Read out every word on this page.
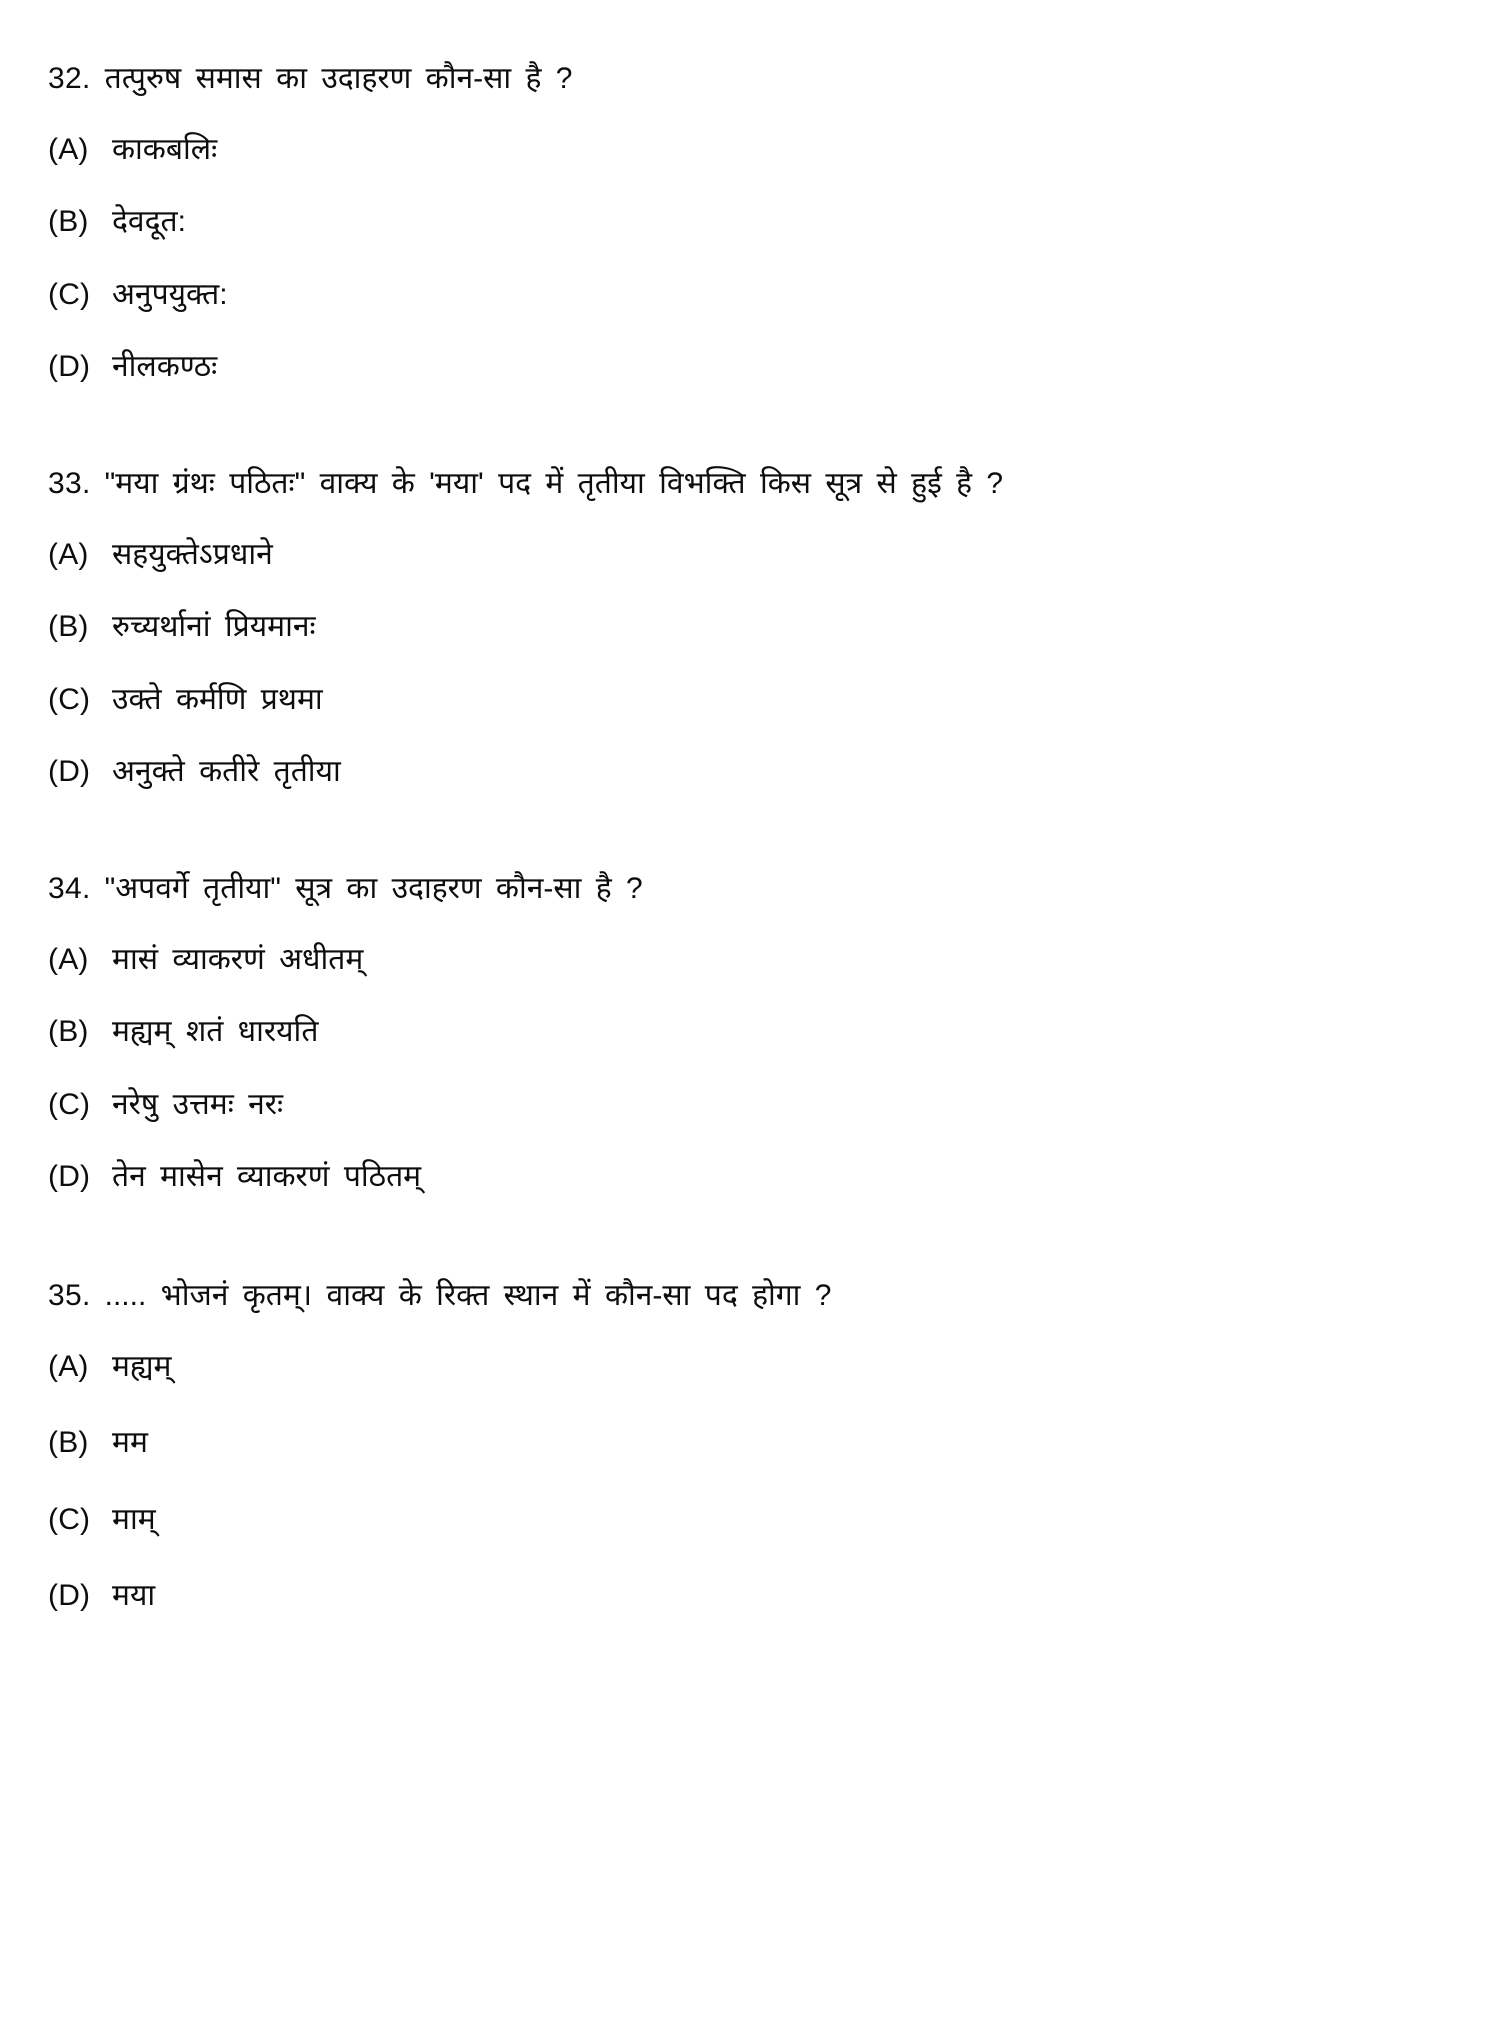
32. तत्पुरुष समास का उदाहरण कौन-सा है ?
(A) काकबलिः
(B) देवदूत:
(C) अनुपयुक्त:
(D) नीलकण्ठः
33. "मया ग्रंथः पठितः" वाक्य के 'मया' पद में तृतीया विभक्ति किस सूत्र से हुई है ?
(A) सहयुक्तेऽप्रधाने
(B) रुच्यर्थानां प्रियमानः
(C) उक्ते कर्मणि प्रथमा
(D) अनुक्ते कतीरे तृतीया
34. "अपवर्गे तृतीया" सूत्र का उदाहरण कौन-सा है ?
(A) मासं व्याकरणं अधीतम्
(B) मह्यम् शतं धारयति
(C) नरेषु उत्तमः नरः
(D) तेन मासेन व्याकरणं पठितम्
35. ..... भोजनं कृतम्। वाक्य के रिक्त स्थान में कौन-सा पद होगा ?
(A) मह्यम्
(B) मम
(C) माम्
(D) मया
